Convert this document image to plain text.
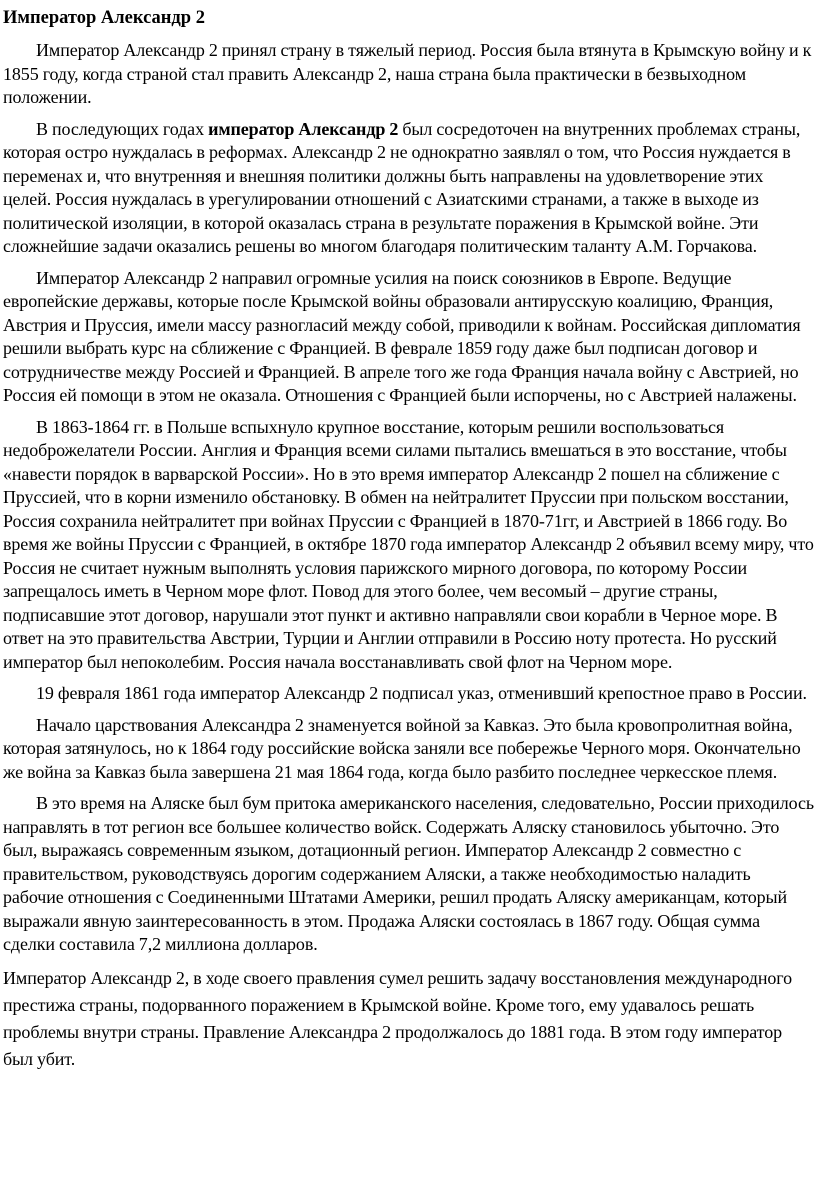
Император Александр 2

Император Александр 2 принял страну в тяжелый период. Россия была втянута в Крымскую войну и к 1855 году, когда страной стал править Александр 2, наша страна была практически в безвыходном положении.

В последующих годах император Александр 2 был сосредоточен на внутренних проблемах страны, которая остро нуждалась в реформах. Александр 2 не однократно заявлял о том, что Россия нуждается в переменах и, что внутренняя и внешняя политики должны быть направлены на удовлетворение этих целей. Россия нуждалась в урегулировании отношений с Азиатскими странами, а также в выходе из политической изоляции, в которой оказалась страна в результате поражения в Крымской войне. Эти сложнейшие задачи оказались решены во многом благодаря политическим таланту А.М. Горчакова.

Император Александр 2 направил огромные усилия на поиск союзников в Европе. Ведущие европейские державы, которые после Крымской войны образовали антирусскую коалицию, Франция, Австрия и Пруссия, имели массу разногласий между собой, приводили к войнам. Российская дипломатия решили выбрать курс на сближение с Францией. В феврале 1859 году даже был подписан договор и сотрудничестве между Россией и Францией. В апреле того же года Франция начала войну с Австрией, но Россия ей помощи в этом не оказала. Отношения с Францией были испорчены, но с Австрией налажены.

В 1863-1864 гг. в Польше вспыхнуло крупное восстание, которым решили воспользоваться недоброжелатели России. Англия и Франция всеми силами пытались вмешаться в это восстание, чтобы «навести порядок в варварской России». Но в это время император Александр 2 пошел на сближение с Пруссией, что в корни изменило обстановку. В обмен на нейтралитет Пруссии при польском восстании, Россия сохранила нейтралитет при войнах Пруссии с Францией в 1870-71гг, и Австрией в 1866 году. Во время же войны Пруссии с Францией, в октябре 1870 года император Александр 2 объявил всему миру, что Россия не считает нужным выполнять условия парижского мирного договора, по которому России запрещалось иметь в Черном море флот. Повод для этого более, чем весомый – другие страны, подписавшие этот договор, нарушали этот пункт и активно направляли свои корабли в Черное море. В ответ на это правительства Австрии, Турции и Англии отправили в Россию ноту протеста. Но русский император был непоколебим. Россия начала восстанавливать свой флот на Черном море.

19 февраля 1861 года император Александр 2 подписал указ, отменивший крепостное право в России.

Начало царствования Александра 2 знаменуется войной за Кавказ. Это была кровопролитная война, которая затянулось, но к 1864 году российские войска заняли все побережье Черного моря. Окончательно же война за Кавказ была завершена 21 мая 1864 года, когда было разбито последнее черкесское племя.

В это время на Аляске был бум притока американского населения, следовательно, России приходилось направлять в тот регион все большее количество войск. Содержать Аляску становилось убыточно. Это был, выражаясь современным языком, дотационный регион. Император Александр 2 совместно с правительством, руководствуясь дорогим содержанием Аляски, а также необходимостью наладить рабочие отношения с Соединенными Штатами Америки, решил продать Аляску американцам, который выражали явную заинтересованность в этом. Продажа Аляски состоялась в 1867 году. Общая сумма сделки составила 7,2 миллиона долларов.

Император Александр 2, в ходе своего правления сумел решить задачу восстановления международного престижа страны, подорванного поражением в Крымской войне. Кроме того, ему удавалось решать проблемы внутри страны. Правление Александра 2 продолжалось до 1881 года. В этом году император был убит.
